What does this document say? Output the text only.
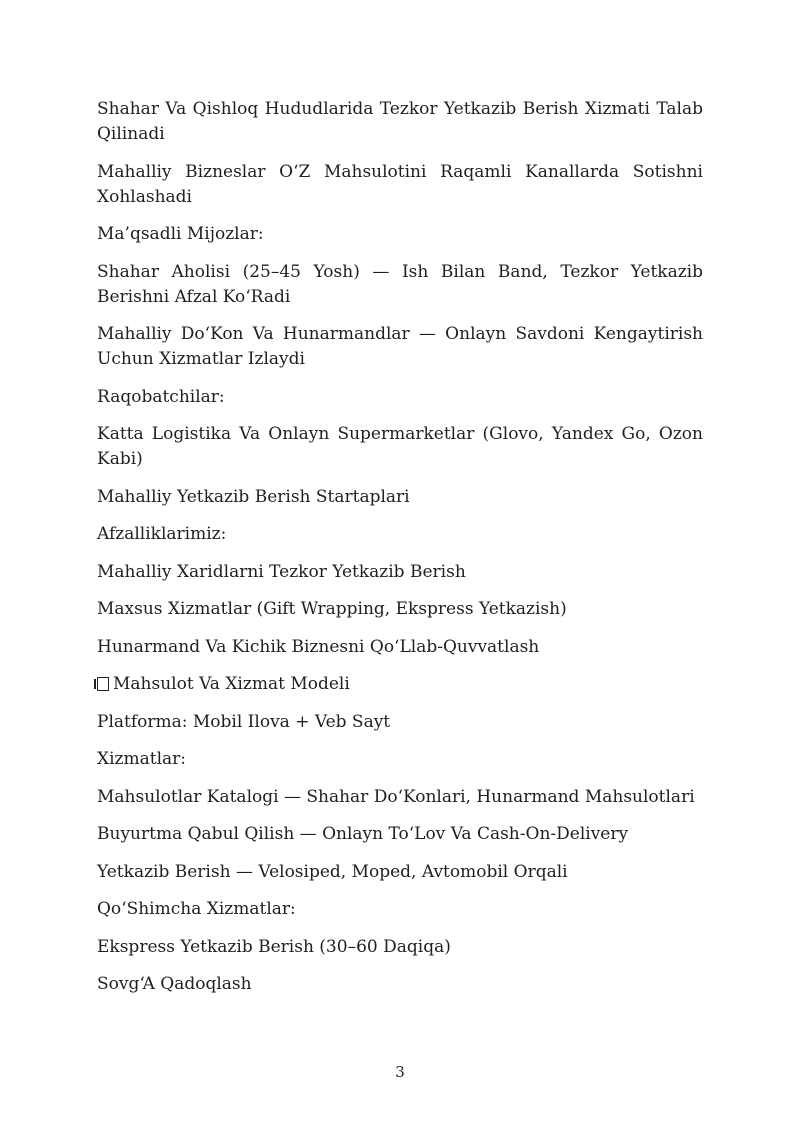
Shahar Va Qishloq Hududlarida Tezkor Yetkazib Berish Xizmati Talab Qilinadi

Mahalliy Bizneslar O‘Z Mahsulotini Raqamli Kanallarda Sotishni Xohlashadi

Ma’qsadli Mijozlar:

Shahar Aholisi (25–45 Yosh) — Ish Bilan Band, Tezkor Yetkazib Berishni Afzal Ko‘Radi

Mahalliy Do‘Kon Va Hunarmandlar — Onlayn Savdoni Kengaytirish Uchun Xizmatlar Izlaydi

Raqobatchilar:

Katta Logistika Va Onlayn Supermarketlar (Glovo, Yandex Go, Ozon Kabi)

Mahalliy Yetkazib Berish Startaplari

Afzalliklarimiz:

Mahalliy Xaridlarni Tezkor Yetkazib Berish

Maxsus Xizmatlar (Gift Wrapping, Ekspress Yetkazish)

Hunarmand Va Kichik Biznesni Qo‘Llab-Quvvatlash

Mahsulot Va Xizmat Modeli

Platforma: Mobil Ilova + Veb Sayt

Xizmatlar:

Mahsulotlar Katalogi — Shahar Do‘Konlari, Hunarmand Mahsulotlari

Buyurtma Qabul Qilish — Onlayn To‘Lov Va Cash-On-Delivery

Yetkazib Berish — Velosiped, Moped, Avtomobil Orqali

Qo‘Shimcha Xizmatlar:

Ekspress Yetkazib Berish (30–60 Daqiqa)

Sovg‘A Qadoqlash

3
